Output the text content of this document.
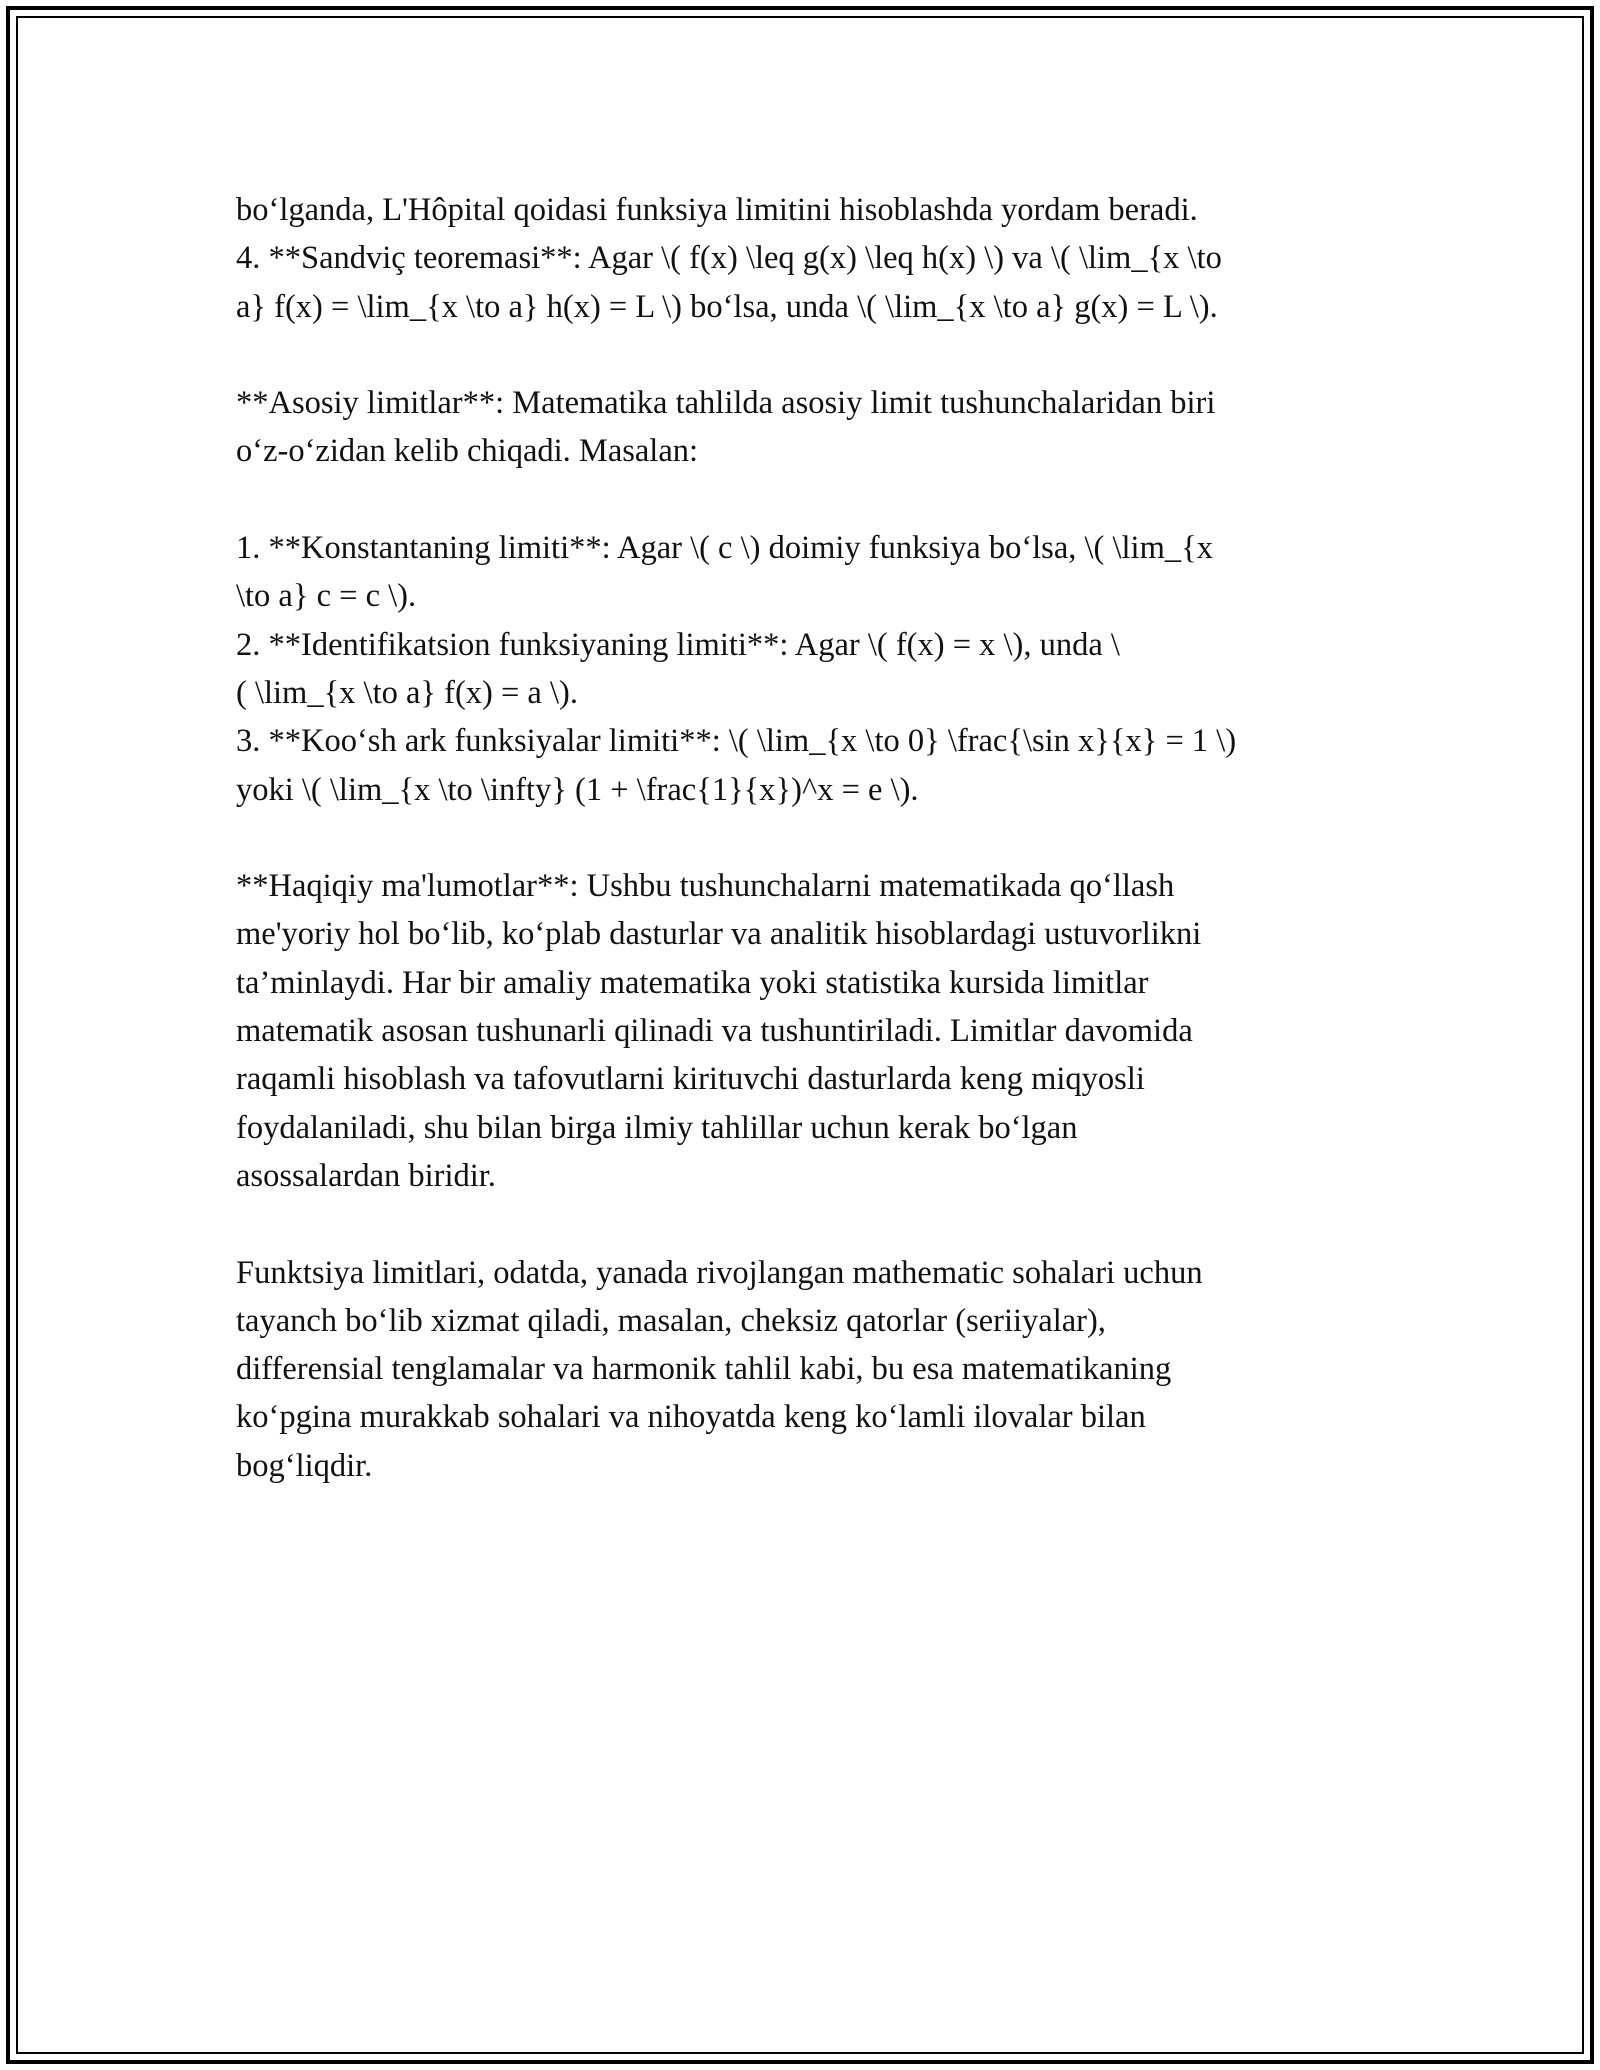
bo‘lganda, L'Hôpital qoidasi funksiya limitini hisoblashda yordam beradi.
4. **Sandviç teoremasi**: Agar \( f(x) \leq g(x) \leq h(x) \) va \( \lim_{x \to
a} f(x) = \lim_{x \to a} h(x) = L \) bo‘lsa, unda \( \lim_{x \to a} g(x) = L \).
**Asosiy limitlar**: Matematika tahlilda asosiy limit tushunchalaridan biri
o‘z-o‘zidan kelib chiqadi. Masalan:
1. **Konstantaning limiti**: Agar \( c \) doimiy funksiya bo‘lsa, \( \lim_{x
\to a} c = c \).
2. **Identifikatsion funksiyaning limiti**: Agar \( f(x) = x \), unda \
( \lim_{x \to a} f(x) = a \).
3. **Koo‘sh ark funksiyalar limiti**: \( \lim_{x \to 0} \frac{\sin x}{x} = 1 \)
yoki \( \lim_{x \to \infty} (1 + \frac{1}{x})^x = e \).
**Haqiqiy ma'lumotlar**: Ushbu tushunchalarni matematikada qo‘llash
me'yoriy hol bo‘lib, ko‘plab dasturlar va analitik hisoblardagi ustuvorlikni
ta’minlaydi. Har bir amaliy matematika yoki statistika kursida limitlar
matematik asosan tushunarli qilinadi va tushuntiriladi. Limitlar davomida
raqamli hisoblash va tafovutlarni kirituvchi dasturlarda keng miqyosli
foydalaniladi, shu bilan birga ilmiy tahlillar uchun kerak bo‘lgan
asossalardan biridir.
Funktsiya limitlari, odatda, yanada rivojlangan mathematic sohalari uchun
tayanch bo‘lib xizmat qiladi, masalan, cheksiz qatorlar (seriiyalar),
differensial tenglamalar va harmonik tahlil kabi, bu esa matematikaning
ko‘pgina murakkab sohalari va nihoyatda keng ko‘lamli ilovalar bilan
bog‘liqdir.
